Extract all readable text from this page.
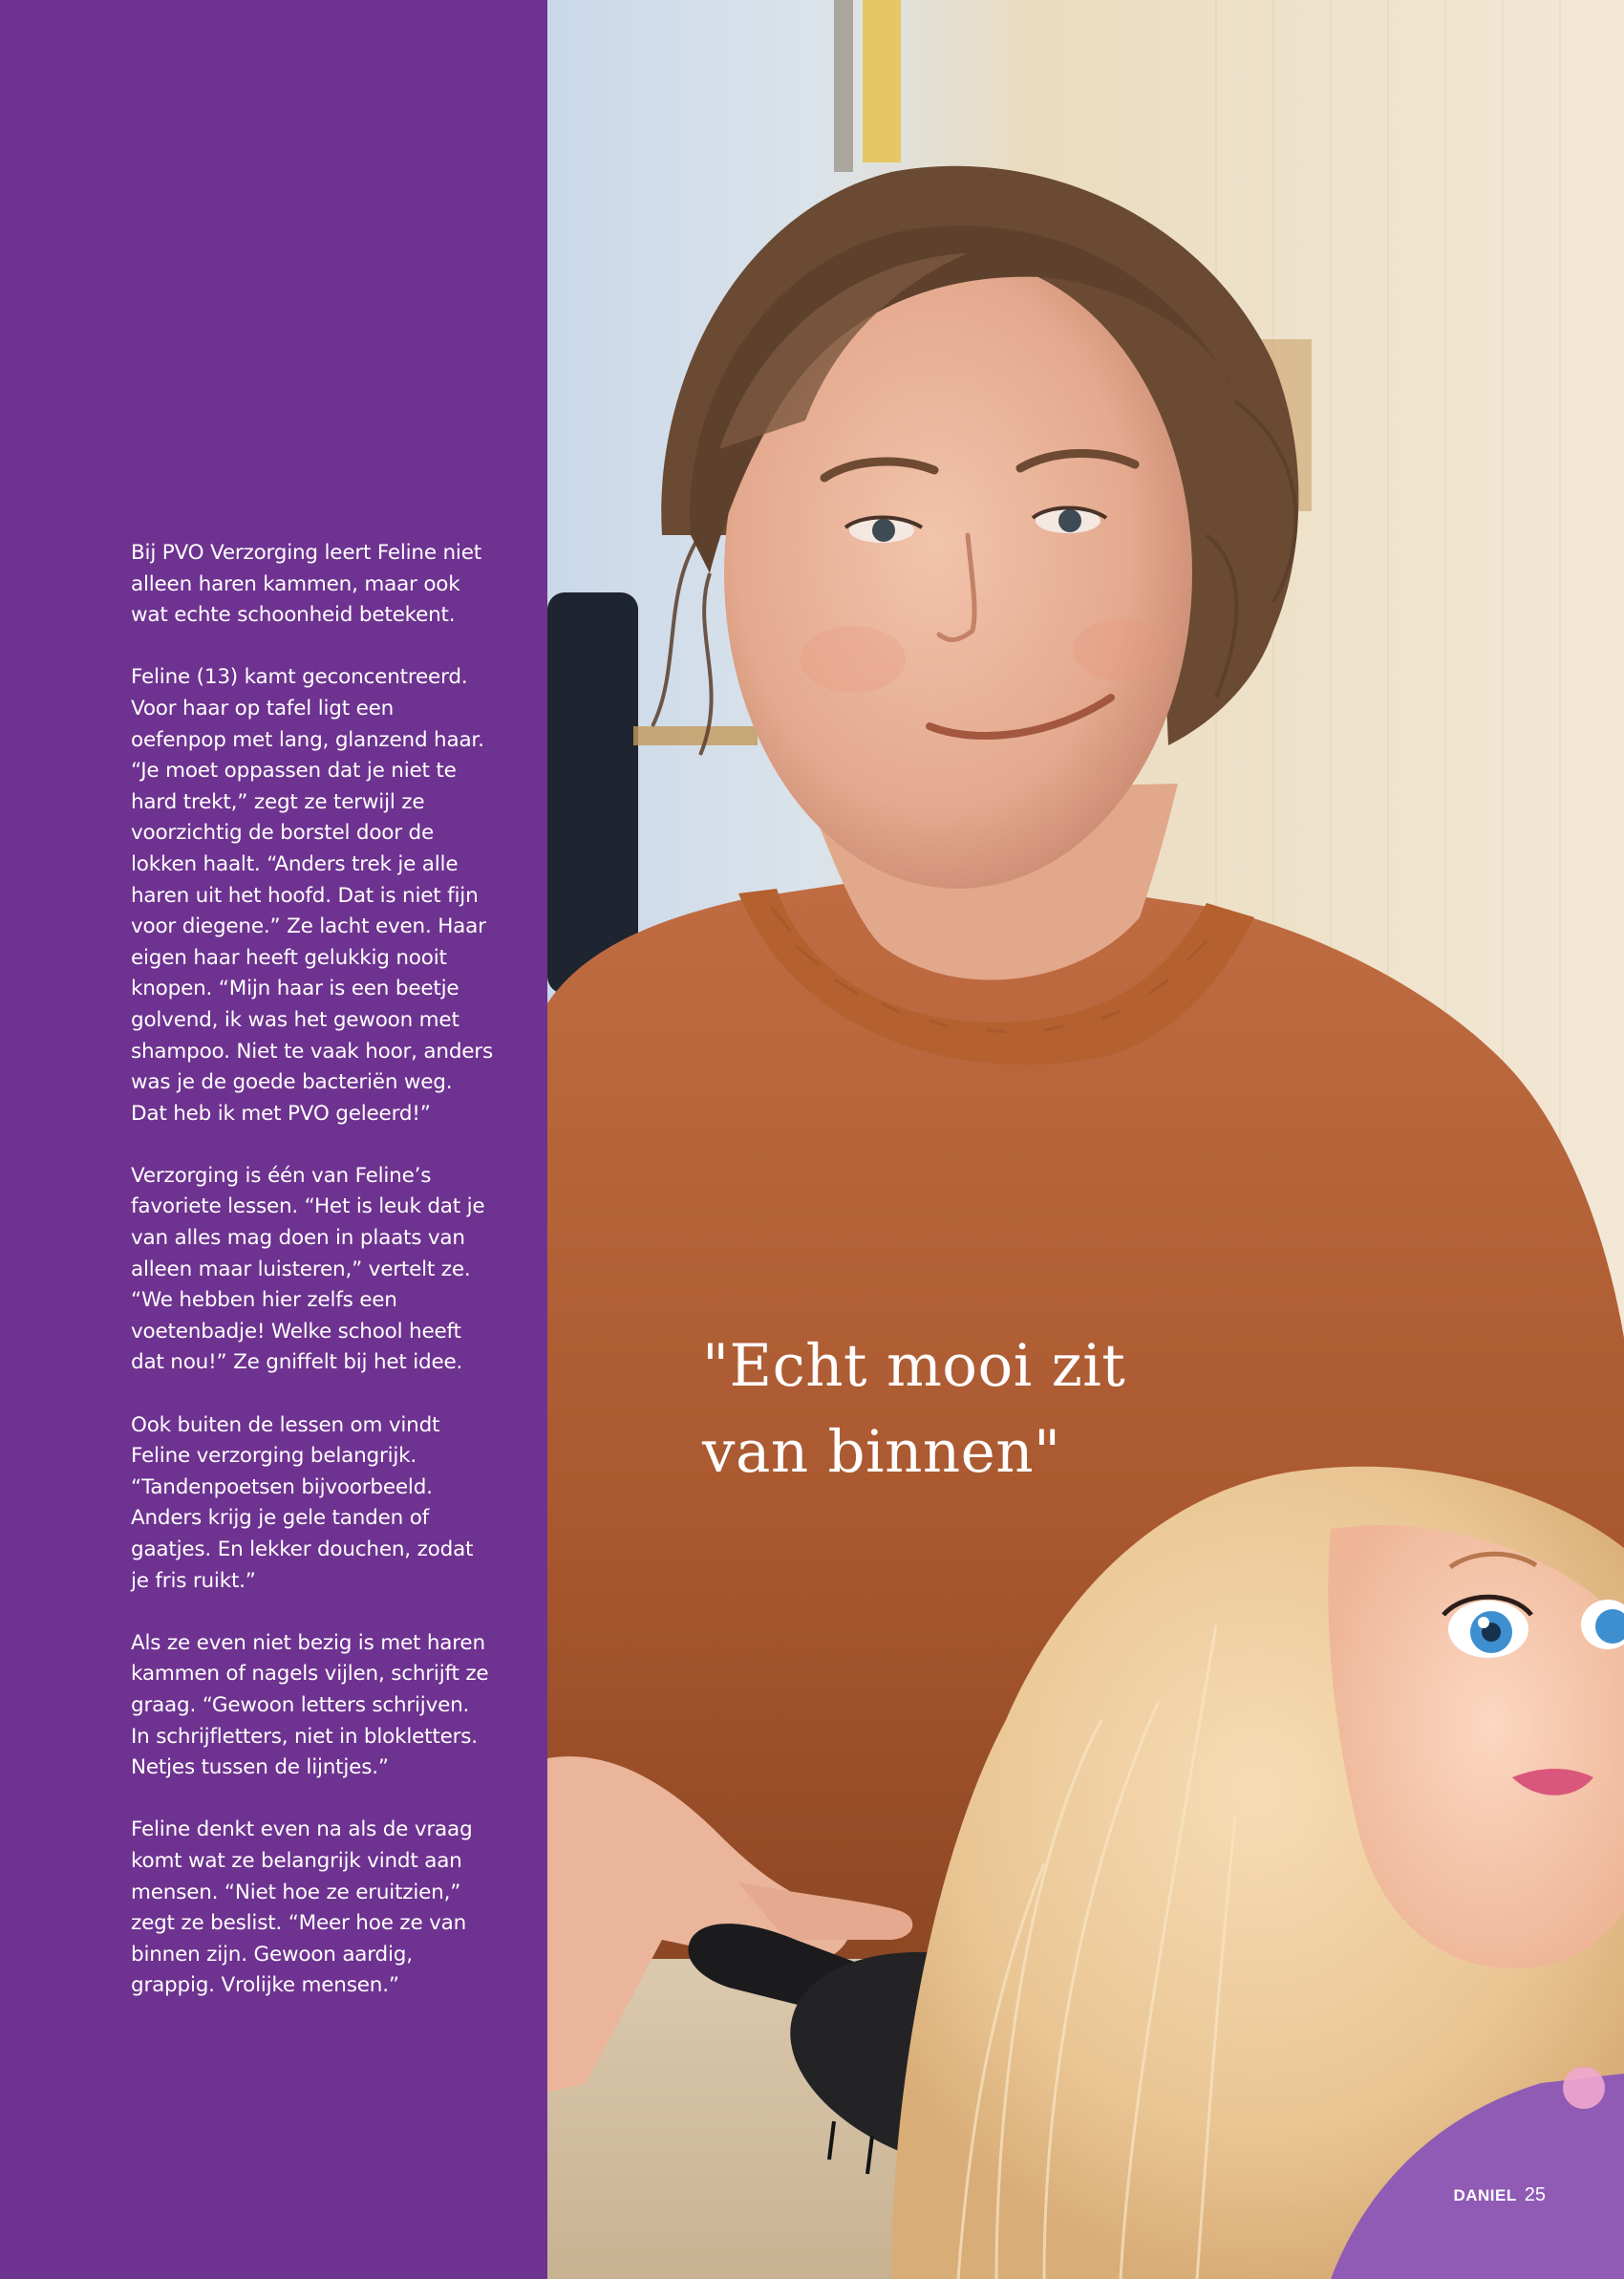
Bij PVO Verzorging leert Feline niet alleen haren kammen, maar ook wat echte schoonheid betekent.

Feline (13) kamt geconcentreerd. Voor haar op tafel ligt een oefenpop met lang, glanzend haar. “Je moet oppassen dat je niet te hard trekt,” zegt ze terwijl ze voorzichtig de borstel door de lokken haalt. “Anders trek je alle haren uit het hoofd. Dat is niet fijn voor diegene.” Ze lacht even. Haar eigen haar heeft gelukkig nooit knopen. “Mijn haar is een beetje golvend, ik was het gewoon met shampoo. Niet te vaak hoor, anders was je de goede bacteriën weg. Dat heb ik met PVO geleerd!”

Verzorging is één van Feline’s favoriete lessen. “Het is leuk dat je van alles mag doen in plaats van alleen maar luisteren,” vertelt ze. “We hebben hier zelfs een voetenbadje! Welke school heeft dat nou!” Ze gniffelt bij het idee.

Ook buiten de lessen om vindt Feline verzorging belangrijk. “Tandenpoetsen bijvoorbeeld. Anders krijg je gele tanden of gaatjes. En lekker douchen, zodat je fris ruikt.”

Als ze even niet bezig is met haren kammen of nagels vijlen, schrijft ze graag. “Gewoon letters schrijven. In schrijfletters, niet in blokletters. Netjes tussen de lijntjes.”

Feline denkt even na als de vraag komt wat ze belangrijk vindt aan mensen. “Niet hoe ze eruitzien,” zegt ze beslist. “Meer hoe ze van binnen zijn. Gewoon aardig, grappig. Vrolijke mensen.”

"Echt mooi zit
van binnen"
DANIEL 25
